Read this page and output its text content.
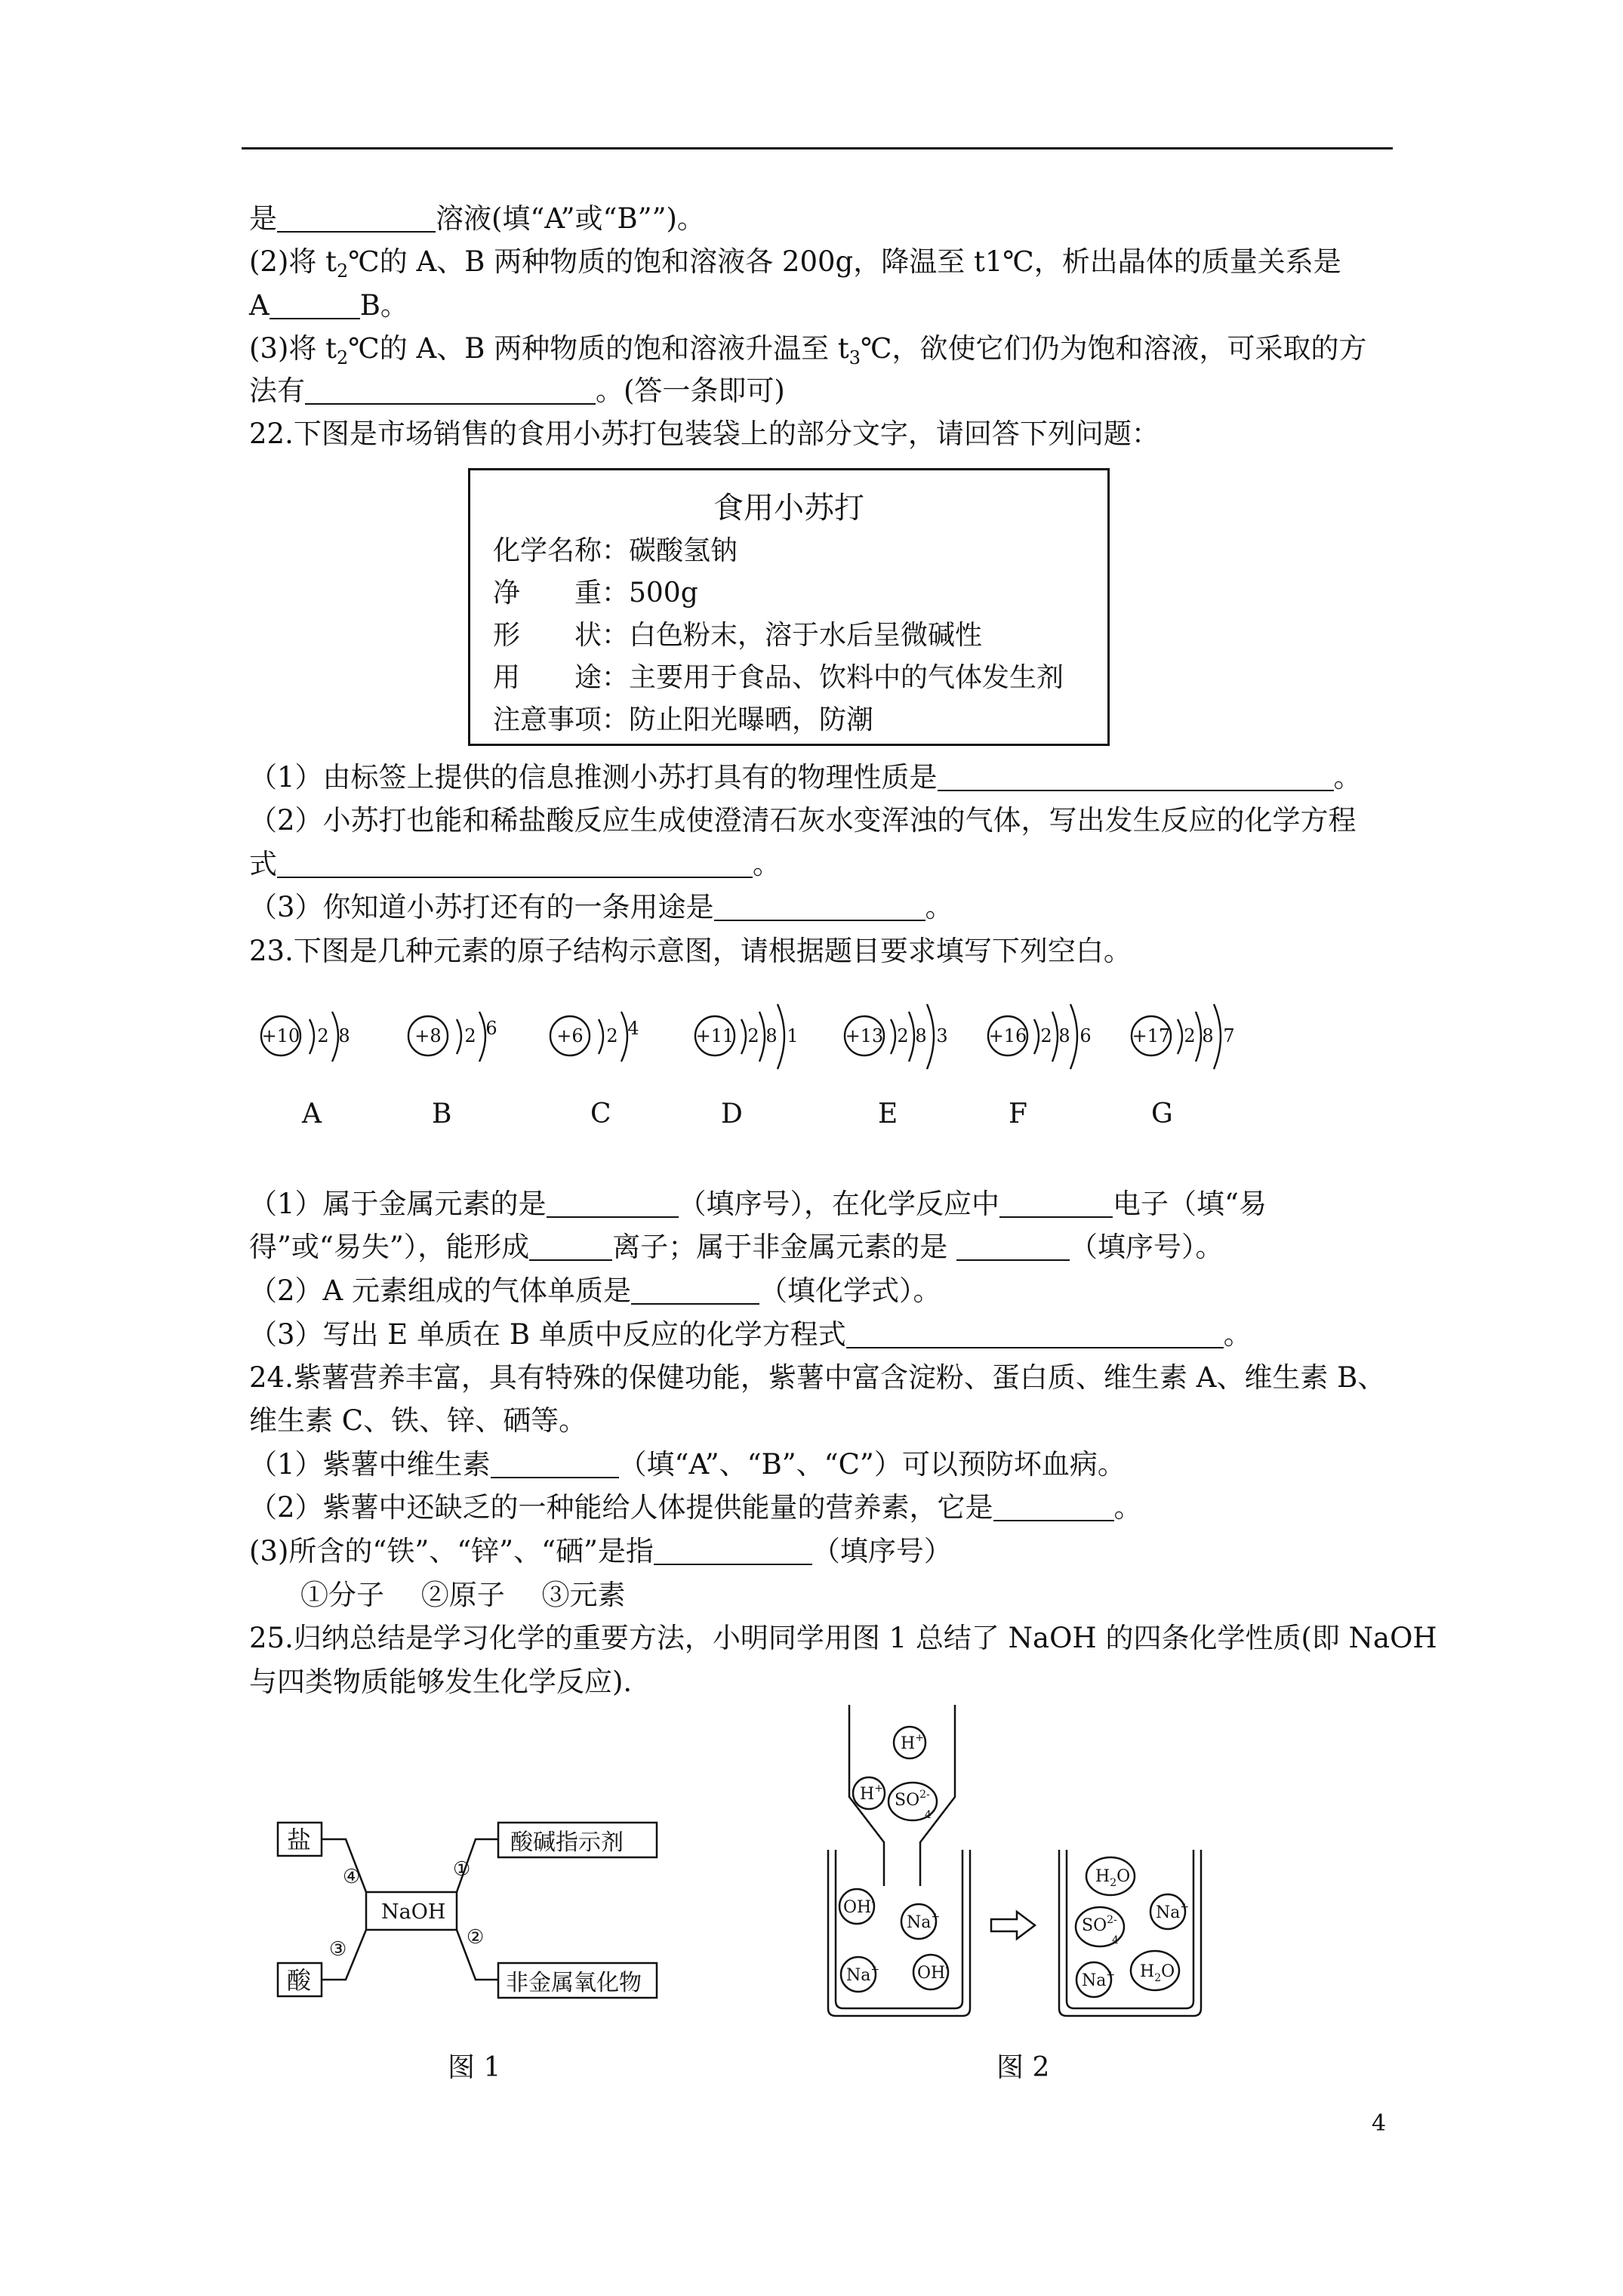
是	溶液(填“A”或“B””)。
(2)将 $t_2℃$的 A、B 两种物质的饱和溶液各 200g，降温至 t1℃，析出晶体的质量关系是
A	B。
(3)将 $t_2℃$的 A、B 两种物质的饱和溶液升温至 $t_3℃$，欲使它们仍为饱和溶液，可采取的方
法有	。(答一条即可)
22.下图是市场销售的食用小苏打包装袋上的部分文字，请回答下列问题：
食用小苏打
化学名称：碳酸氢钠
净　　重：500g
形　　状：白色粉末，溶于水后呈微碱性
用　　途：主要用于食品、饮料中的气体发生剂
注意事项：防止阳光曝晒，防潮
（1）由标签上提供的信息推测小苏打具有的物理性质是	。
（2）小苏打也能和稀盐酸反应生成使澄清石灰水变浑浊的气体，写出发生反应的化学方程
式	。
（3）你知道小苏打还有的一条用途是	。
23.下图是几种元素的原子结构示意图，请根据题目要求填写下列空白。
+10 2 8	+8 2 6	+6 2 4	+11 2 8 1	+13 2 8 3 +16 2 8 6 +17 2 8 7
A	B	C	D	E	F	G
（1）属于金属元素的是	（填序号），在化学反应中	电子（填“易
得”或“易失”），能形成	离子；属于非金属元素的是	（填序号）。
（2）A 元素组成的气体单质是	（填化学式）。
（3）写出 E 单质在 B 单质中反应的化学方程式	。
24.紫薯营养丰富，具有特殊的保健功能，紫薯中富含淀粉、蛋白质、维生素 A、维生素 B、
维生素 C、铁、锌、硒等。
（1）紫薯中维生素	（填“A”、“B”、“C”）可以预防坏血病。
（2）紫薯中还缺乏的一种能给人体提供能量的营养素，它是	。
(3)所含的“铁”、“锌”、“硒”是指	（填序号）
①分子　 ②原子　 ③元素
25.归纳总结是学习化学的重要方法，小明同学用图 1 总结了 NaOH 的四条化学性质(即 NaOH
与四类物质能够发生化学反应).
盐
酸
酸碱指示剂
非金属氧化物
NaOH
④
③
①
②
图 1
H+
H+
$SO^{2-}$
4
OH-
Na+
Na+ OH-
$H_2O$
Na+
$SO^{2-}$
4
Na+ $H_2O$
图 2
4
